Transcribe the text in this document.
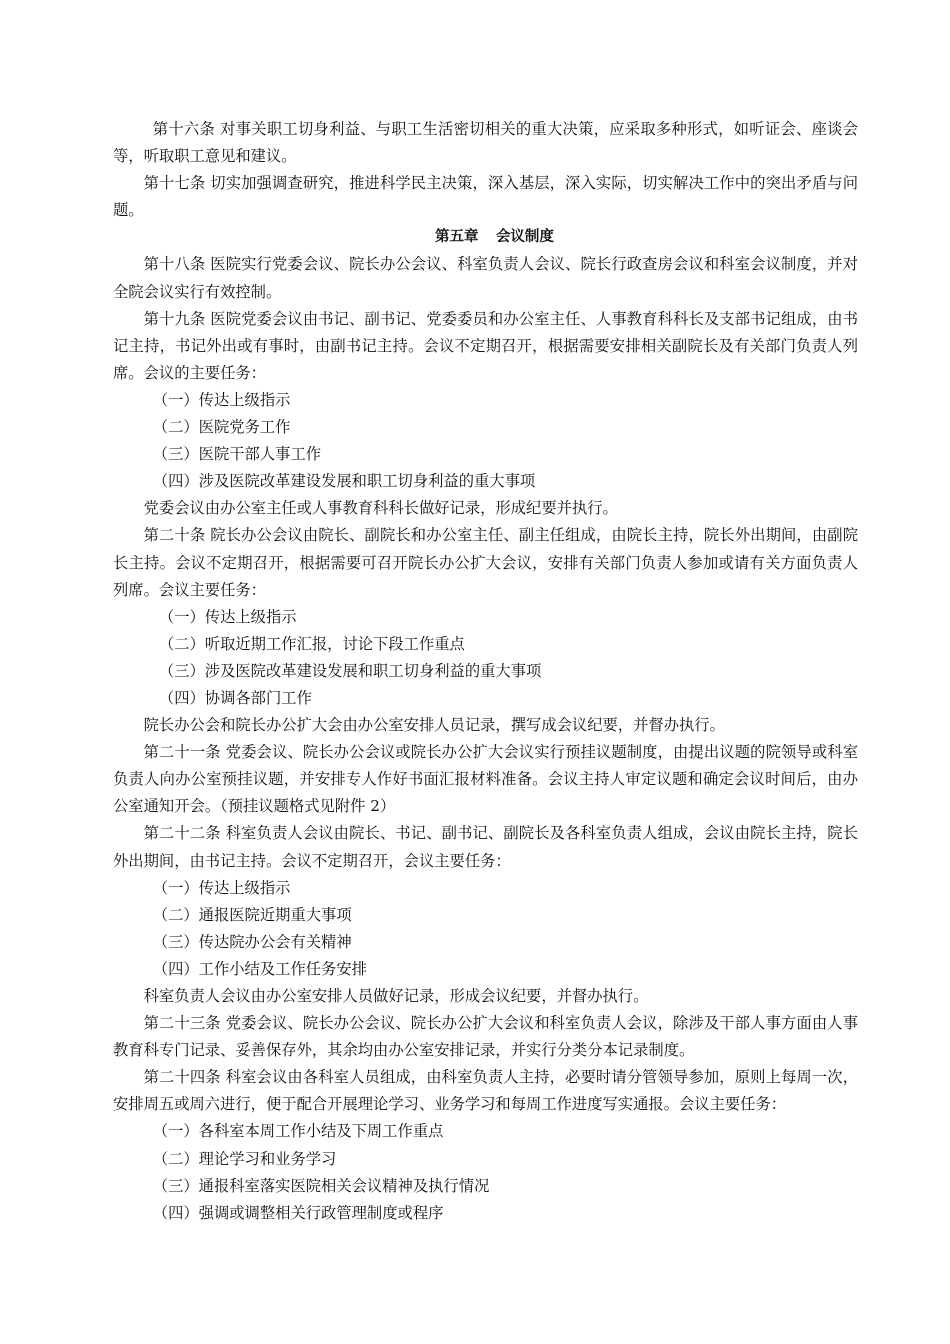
第十六条 对事关职工切身利益、与职工生活密切相关的重大决策，应采取多种形式，如听证会、座谈会等，听取职工意见和建议。

第十七条 切实加强调查研究，推进科学民主决策，深入基层，深入实际，切实解决工作中的突出矛盾与问题。

第五章 会议制度

第十八条 医院实行党委会议、院长办公会议、科室负责人会议、院长行政查房会议和科室会议制度，并对全院会议实行有效控制。

第十九条 医院党委会议由书记、副书记、党委委员和办公室主任、人事教育科科长及支部书记组成，由书记主持，书记外出或有事时，由副书记主持。会议不定期召开，根据需要安排相关副院长及有关部门负责人列席。会议的主要任务：

（一）传达上级指示

（二）医院党务工作

（三）医院干部人事工作

（四）涉及医院改革建设发展和职工切身利益的重大事项

党委会议由办公室主任或人事教育科科长做好记录，形成纪要并执行。

第二十条 院长办公会议由院长、副院长和办公室主任、副主任组成，由院长主持，院长外出期间，由副院长主持。会议不定期召开，根据需要可召开院长办公扩大会议，安排有关部门负责人参加或请有关方面负责人列席。会议主要任务：

（一）传达上级指示

（二）听取近期工作汇报，讨论下段工作重点

（三）涉及医院改革建设发展和职工切身利益的重大事项

（四）协调各部门工作

院长办公会和院长办公扩大会由办公室安排人员记录，撰写成会议纪要，并督办执行。

第二十一条 党委会议、院长办公会议或院长办公扩大会议实行预挂议题制度，由提出议题的院领导或科室负责人向办公室预挂议题，并安排专人作好书面汇报材料准备。会议主持人审定议题和确定会议时间后，由办公室通知开会。（预挂议题格式见附件 2）

第二十二条 科室负责人会议由院长、书记、副书记、副院长及各科室负责人组成，会议由院长主持，院长外出期间，由书记主持。会议不定期召开，会议主要任务：

（一）传达上级指示

（二）通报医院近期重大事项

（三）传达院办公会有关精神

（四）工作小结及工作任务安排

科室负责人会议由办公室安排人员做好记录，形成会议纪要，并督办执行。

第二十三条 党委会议、院长办公会议、院长办公扩大会议和科室负责人会议，除涉及干部人事方面由人事教育科专门记录、妥善保存外，其余均由办公室安排记录，并实行分类分本记录制度。

第二十四条 科室会议由各科室人员组成，由科室负责人主持，必要时请分管领导参加，原则上每周一次，安排周五或周六进行，便于配合开展理论学习、业务学习和每周工作进度写实通报。会议主要任务：

（一）各科室本周工作小结及下周工作重点

（二）理论学习和业务学习

（三）通报科室落实医院相关会议精神及执行情况

（四）强调或调整相关行政管理制度或程序
